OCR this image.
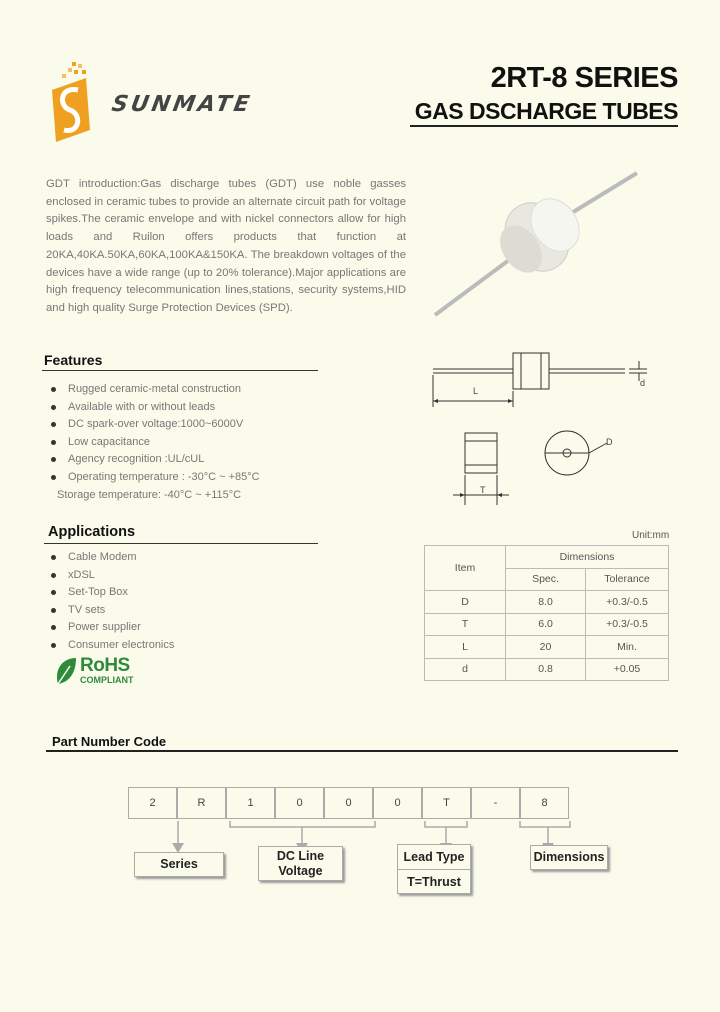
SUNMATE
2RT-8 SERIES
GAS DSCHARGE TUBES
GDT introduction:Gas discharge tubes (GDT) use noble gasses enclosed in ceramic tubes to provide an alternate circuit path for voltage spikes.The ceramic envelope and with nickel connectors allow for high loads and Ruilon offers products that function at 20KA,40KA.50KA,60KA,100KA&150KA. The breakdown voltages of the devices have a wide range (up to 20% tolerance).Major applications are high frequency telecommunication lines,stations, security systems,HID and high quality Surge Protection Devices (SPD).
Features
Rugged ceramic-metal construction
Available with or without leads
DC spark-over voltage:1000~6000V
Low capacitance
Agency recognition :UL/cUL
Operating temperature : -30°C ~ +85°C
Storage temperature: -40°C ~ +115°C
Applications
Cable Modem
xDSL
Set-Top Box
TV sets
Power supplier
Consumer electronics
RoHS
COMPLIANT
L
d
T
D
Unit:mm
Item	Dimensions	
	Spec.	Tolerance
D	8.0	+0.3/-0.5
T	6.0	+0.3/-0.5
L	20	Min.
d	0.8	+0.05
Part Number Code
2	R	1	0	0	0	T	-	8
Series
DC Line
Voltage
Lead Type
T=Thrust
Dimensions
